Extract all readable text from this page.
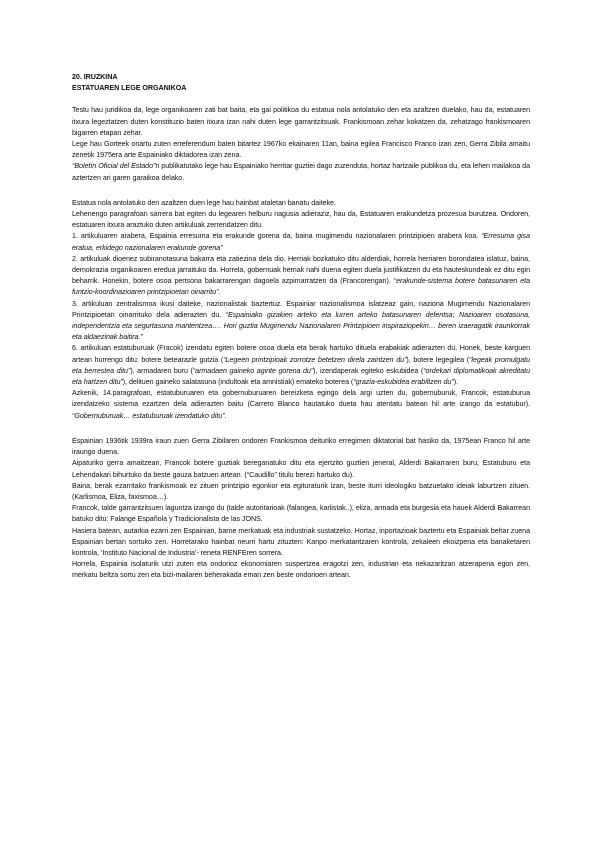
20. IRUZKINA

ESTATUAREN LEGE ORGANIKOA

Testu hau juridikoa da, lege organikoaren zati bat baita, eta gai politikoa du estatua nola antolatuko den eta azaltzen duelako, hau da, estatuaren itxura legeztatzen duten konstituzio baten itxura izan nahi duten lege garrantzitsuak. Frankismoan zehar kokatzen da, zehatzago frankismoaren bigarren etapan zehar.

Lege hau Gorteek onartu zuten erreferendum baten bitartez 1967ko ekainaren 11an, baina egilea Francisco Franco izan zen, Gerra Zibila amaitu zenetik 1975era arte Espainiako diktadorea izan zena.

“Boletín Oficial del Estado”n publikatutako lege hau Espainiako herritar guztiei dago zuzenduta, hortaz hartzaile publikoa du, eta lehen mailakoa da aztertzen ari garen garaikoa delako.

Estatua nola antolatuko den azaltzen duen lege hau hainbat ataletan banatu daiteke.

Lehenengo paragrafoan sarrera bat egiten du legearen helburu nagusia adieraziz, hau da, Estatuaren erakundetza prozesua burutzea. Ondoren, estatuaren itxura araztuko duten artikuluak zerrendatzen ditu.

1. artikuluaren arabera, Espainia erresuma eta erakunde gorena da, baina mugimendu nazionalaren printzipioen arabera koa. “Erresuma gisa eratua, erkidego nazionalaren erakunde gorena”

2. artikuluak dioenez subiranotasuna bakarra eta zatiezina dela dio. Herriak bozkatuko ditu alderdiak, horrela herriaren borondatea islatuz, baina, demokrazia organikoaren eredua jarraituko da. Horrela, gobernuak herriak nahi duena egiten duela justifikatzen du eta hauteskundeak ez ditu egin beharrik. Honekin, botere osoa pertsona bakarrarengan dagoela azpimarratzen da (Francorengan). “erakunde-sistema botere batasunaren eta funtzio-koordinazioaren printzipioetan oinarritu”.

3. artikuluan zentralismoa ikusi daiteke, nazionalistak baztertuz. Espainiar nazionalismoa islatzeaz gain, naziona Mugimendu Nazionalaren Printzipioetan oinarrituko dela adierazten du. “Espainiako gizakien arteko eta lurren arteko batasunaren defentsa; Nazioaren osotasuna, independentzia eta segurtasuna mantentzea…. Hori guztia Mugimendu Nazionalaren Printzipioen inspiraziopekin… beren izaeragatik iraunkorrak eta aldaezinak baitira.”

6. artikuluan estatuburuak (Fracok) izendatu egiten botere osoa duela eta berak hartuko dituela erabakiak adierazten du. Honek, beste karguen artean hurrengo ditu: botere betearazle gutzia (“Legeen printzipioak zorrotze betetzen direla zaintzen du”), botere legegilea (“legeak promulgatu eta berrestea ditu”), armadaren buru (“armadaen gaineko aginte gorena du”), izendaperak egiteko eskubidea (“ordekari diplomatikoak akreditatu eta hartzen ditu”), delituen gaineko salatasuna (indultoak eta amnistiak) emateko boterea (“grazia-eskubidea erabiltzen du”).

Azkenik, 14.paragrafoan, estatuburuaren eta gobernuburuaren bereizketa egingo dela argi uzten du, gobernuburuk, Francok, estatuburua izendatzeko sistema ezartzen dela adierazten baitu (Carrero Blanco hautatuko dueta hau atentatu batean hil arte izango da estatubur). “Gobernuburuak… estatuburuak izendatuko ditu”.

Espainian 1936tik 1939ra iraun zuen Gerra Zibilaren ondoren Frankismoa deituriko erregimen diktatorial bat hasiko da, 1975ean Franco hil arte iraungo duena.

Aipaturiko gerra amaitzean, Francok botere guztiak bereganatuko ditu eta ejertzito guztien jeneral, Alderdi Bakarraren buru, Estatuburu eta Lehendakari bihurtuko da beste gauza batzuen artean. (“Caudillo” titulu berezi hartuko du).

Baina, berak ezarritako frankismoak ez zituen printzipio egonkor eta egituraturik izan, beste iturri ideologiko batzuetako ideiak laburtzen zituen. (Karlismoa, Eliza, faxismoa…).

Francok, talde garrantzitsuen laguntza izango du (talde autoritarioak (falangea, karlistak..), eliza, armada eta burgesia eta hauek Alderdi Bakarrean batuko ditu: Falange Española y Tradicionalista de las JONS.

Hasiera batean, autarkia ezarri zen Espainian, barne merkatuak eta industriak sustatzeko. Hortaz, inportazioak baztertu eta Espainiak behar zuena Espainian bertan sortuko zen. Horretarako hainbat neurri hartu zituzten: Kanpo merkataritzaren kontrola, zekaleen ekoizpena eta banaketaren kontrola, ‘Instituto Nacional de Industria’- reneta RENFEren sorrera.

Horrela, Espainia isolaturik utzi zuten eta ondorioz ekonomiaren suspertzea eragotzi zen, industrian eta nekazaritzan atzerapena egon zen, merkatu beltza sortu zen eta bizi-mailaren beherakada eman zen beste ondorioen artean.
